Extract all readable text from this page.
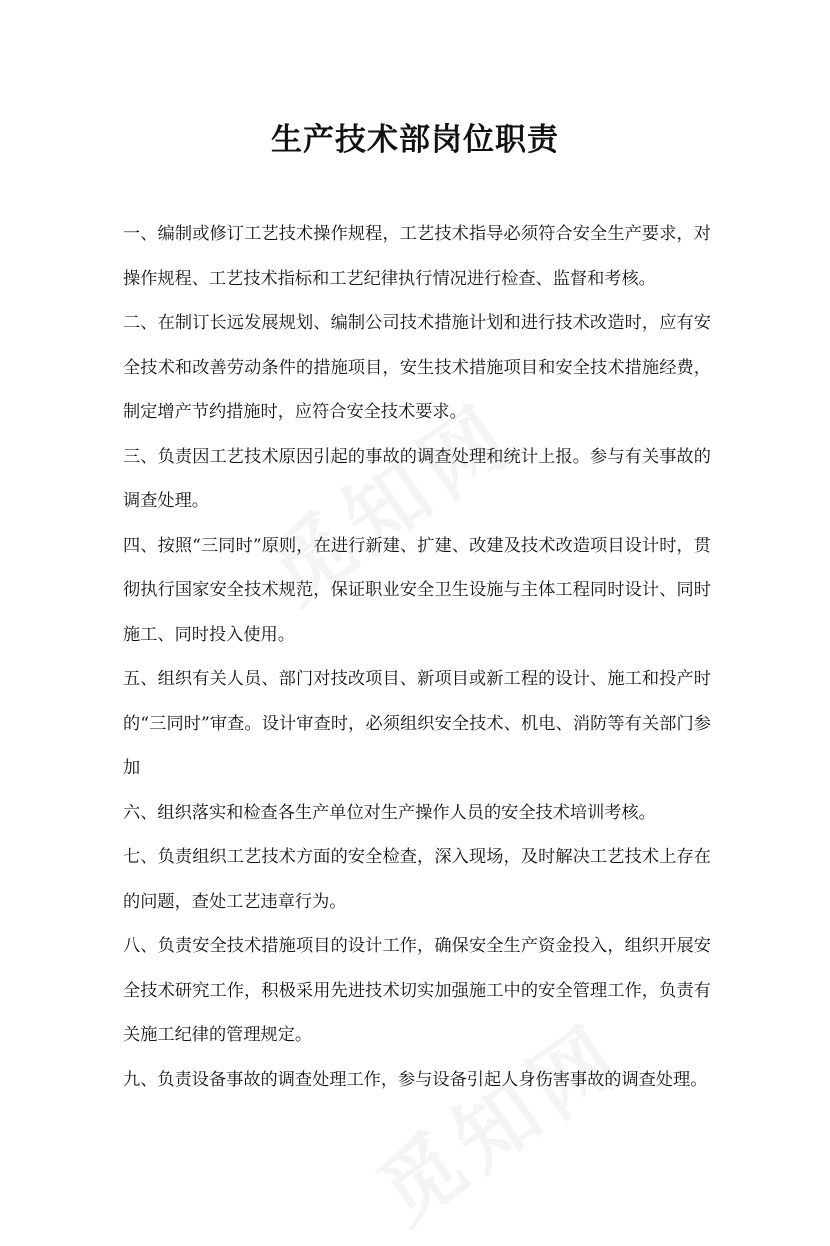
生产技术部岗位职责

一、编制或修订工艺技术操作规程，工艺技术指导必须符合安全生产要求，对操作规程、工艺技术指标和工艺纪律执行情况进行检查、监督和考核。

二、在制订长远发展规划、编制公司技术措施计划和进行技术改造时，应有安全技术和改善劳动条件的措施项目，安生技术措施项目和安全技术措施经费，制定增产节约措施时，应符合安全技术要求。

三、负责因工艺技术原因引起的事故的调查处理和统计上报。参与有关事故的调查处理。

四、按照“三同时”原则，在进行新建、扩建、改建及技术改造项目设计时，贯彻执行国家安全技术规范，保证职业安全卫生设施与主体工程同时设计、同时施工、同时投入使用。

五、组织有关人员、部门对技改项目、新项目或新工程的设计、施工和投产时的“三同时”审查。设计审查时，必须组织安全技术、机电、消防等有关部门参加

六、组织落实和检查各生产单位对生产操作人员的安全技术培训考核。

七、负责组织工艺技术方面的安全检查，深入现场，及时解决工艺技术上存在的问题，查处工艺违章行为。

八、负责安全技术措施项目的设计工作，确保安全生产资金投入，组织开展安全技术研究工作，积极采用先进技术切实加强施工中的安全管理工作，负责有关施工纪律的管理规定。

九、负责设备事故的调查处理工作，参与设备引起人身伤害事故的调查处理。
